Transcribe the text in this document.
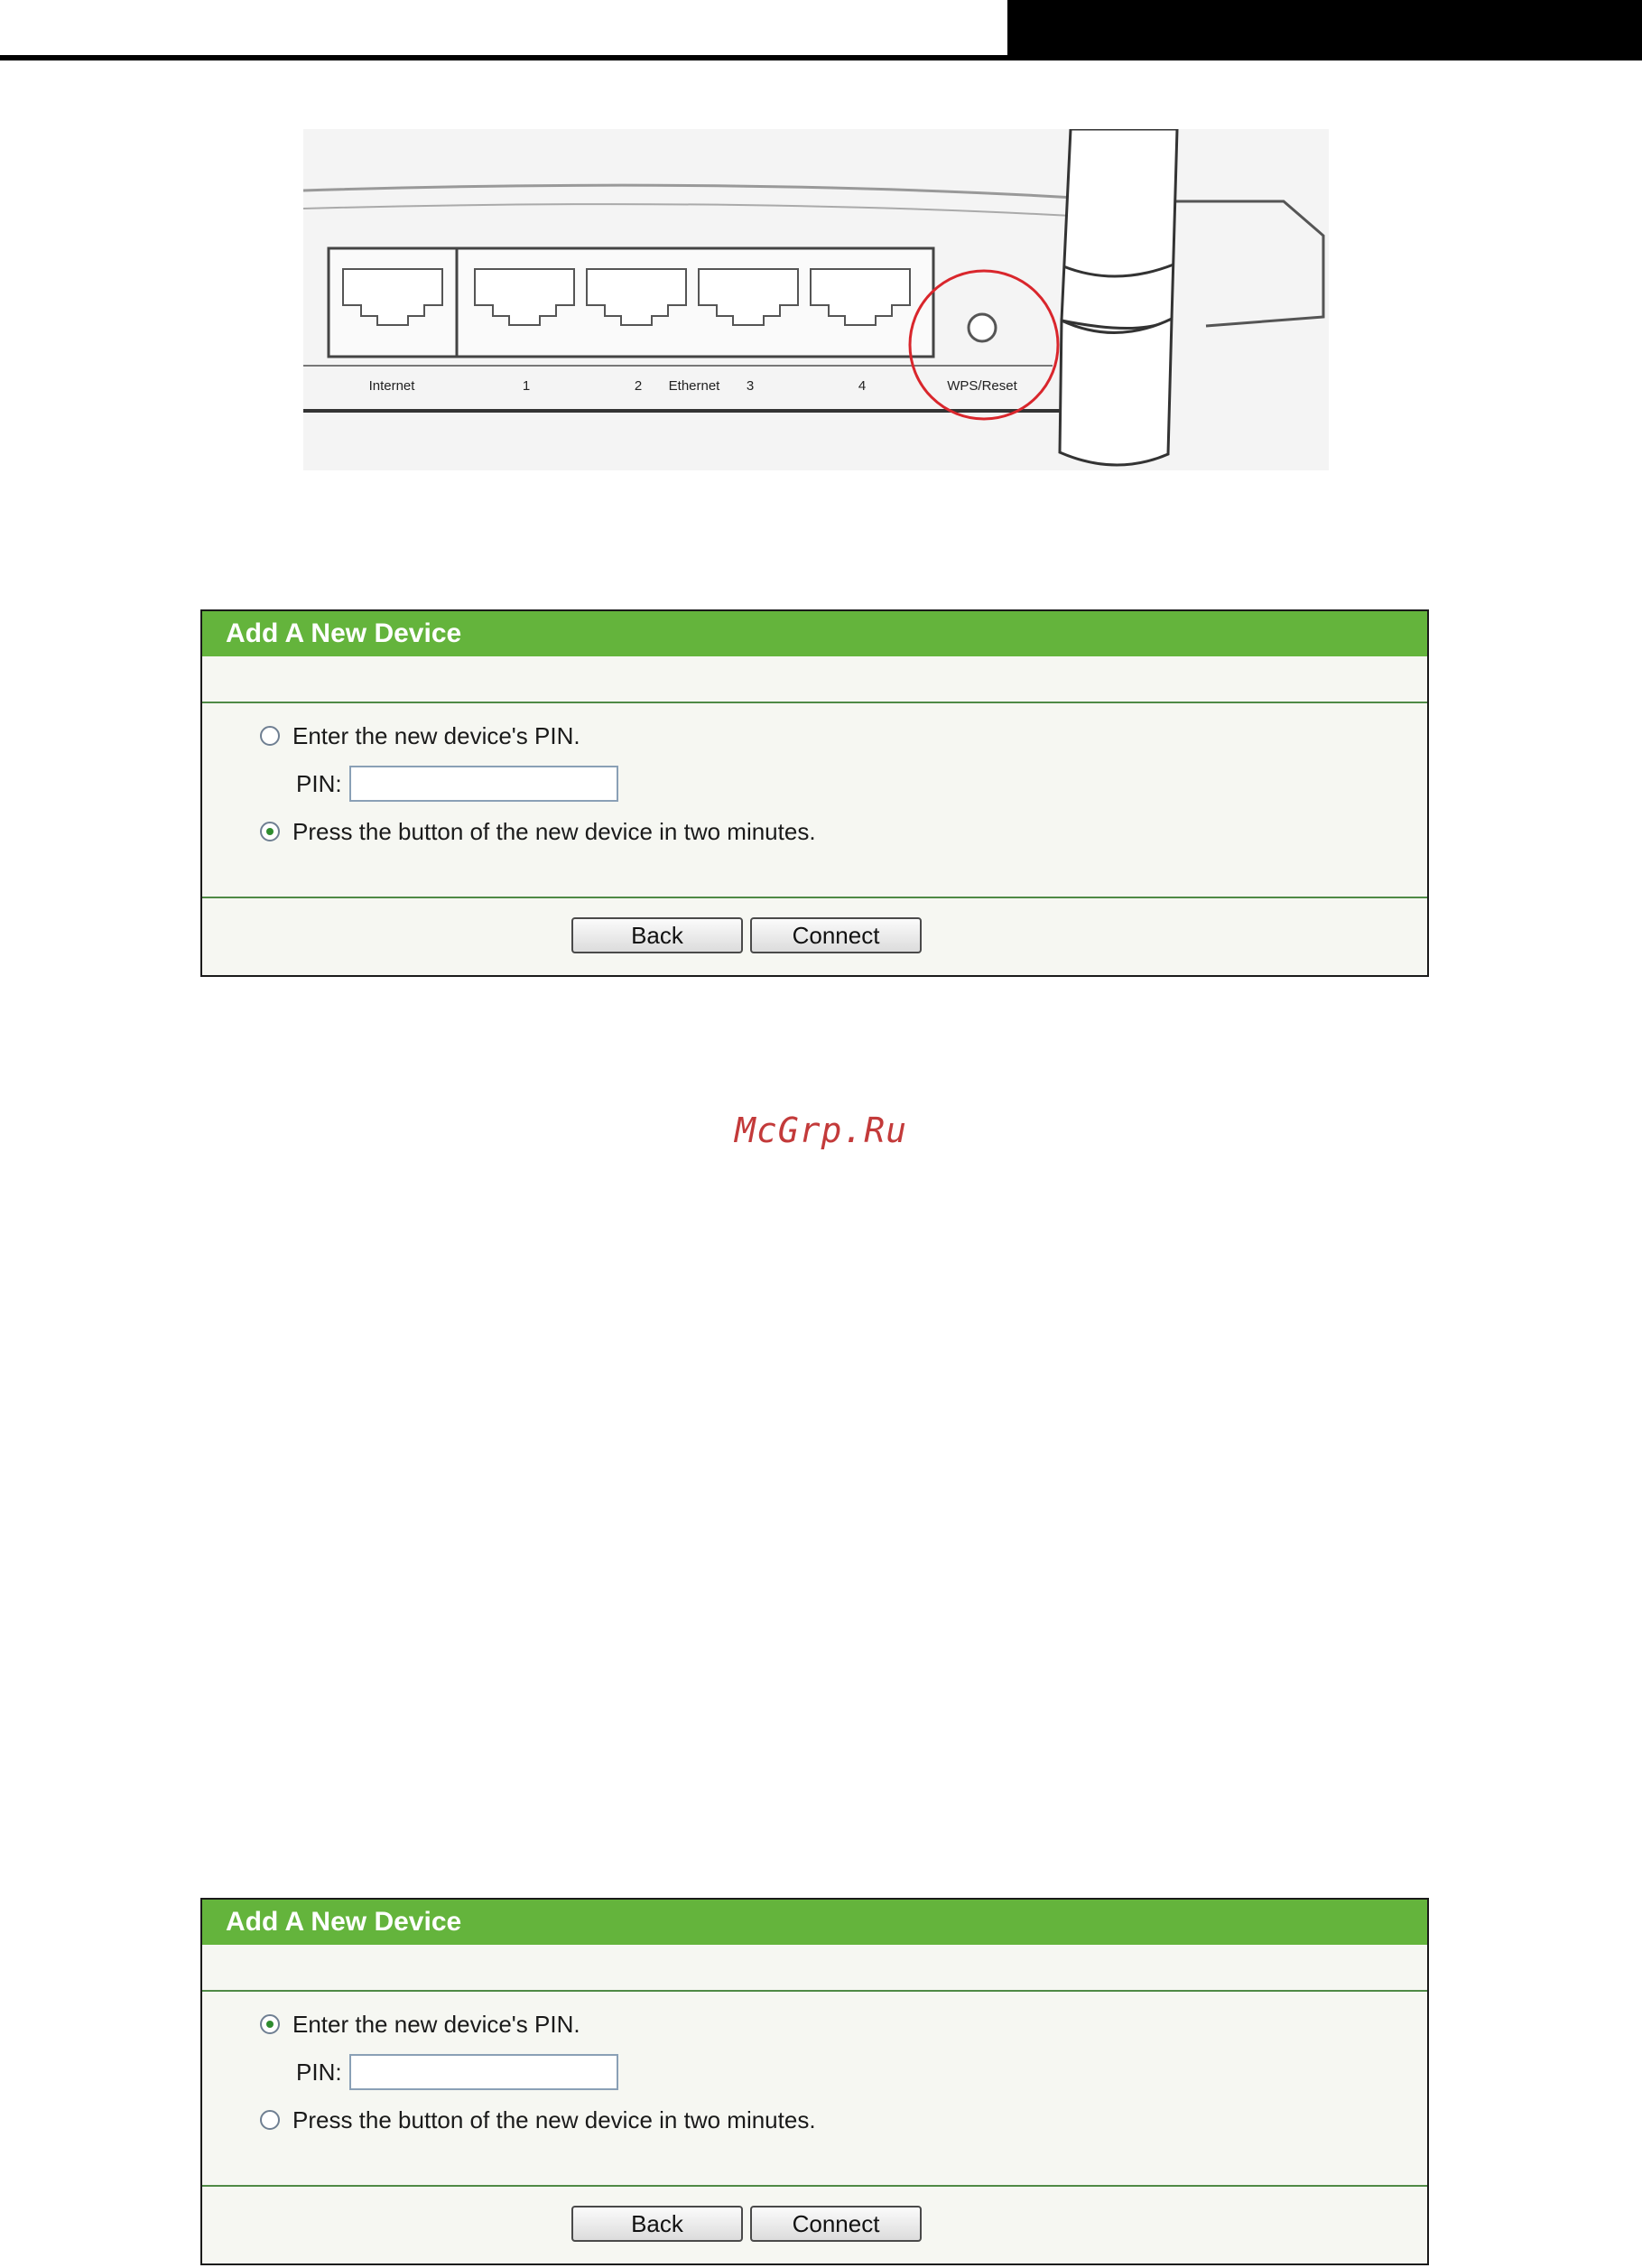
Internet	1	2 Ethernet 3	4	WPS/Reset
Add A New Device
Enter the new device's PIN.
PIN:
Press the button of the new device in two minutes.
Back	Connect
McGrp.Ru
Add A New Device
Enter the new device's PIN.
PIN:
Press the button of the new device in two minutes.
Back	Connect
